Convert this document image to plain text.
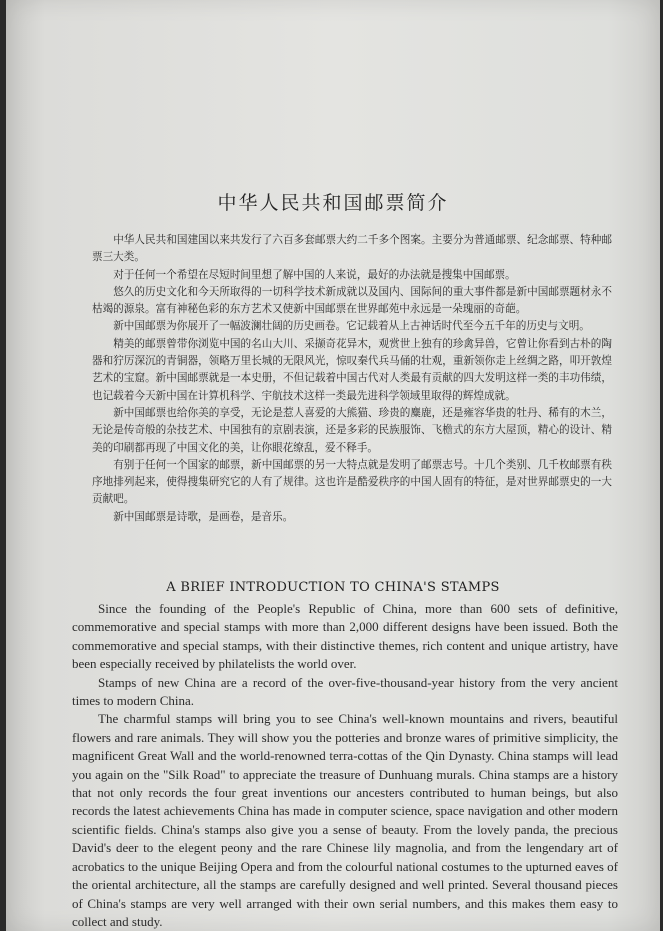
中华人民共和国邮票简介

中华人民共和国建国以来共发行了六百多套邮票大约二千多个图案。主要分为普通邮票、纪念邮票、特种邮票三大类。

对于任何一个希望在尽短时间里想了解中国的人来说，最好的办法就是搜集中国邮票。

悠久的历史文化和今天所取得的一切科学技术新成就以及国内、国际间的重大事件都是新中国邮票题材永不枯竭的源泉。富有神秘色彩的东方艺术又使新中国邮票在世界邮苑中永远是一朵瑰丽的奇葩。

新中国邮票为你展开了一幅波澜壮阔的历史画卷。它记载着从上古神话时代至今五千年的历史与文明。

精美的邮票曾带你浏览中国的名山大川、采撷奇花异木，观赏世上独有的珍禽异兽，它曾让你看到古朴的陶器和狞厉深沉的青铜器，领略万里长城的无限风光，惊叹秦代兵马俑的壮观，重新领你走上丝绸之路，叩开敦煌艺术的宝窟。新中国邮票就是一本史册，不但记载着中国古代对人类最有贡献的四大发明这样一类的丰功伟绩，也记载着今天新中国在计算机科学、宇航技术这样一类最先进科学领域里取得的辉煌成就。

新中国邮票也给你美的享受，无论是惹人喜爱的大熊猫、珍贵的麋鹿，还是雍容华贵的牡丹、稀有的木兰，无论是传奇般的杂技艺术、中国独有的京剧表演，还是多彩的民族服饰、飞檐式的东方大屋顶，精心的设计、精美的印刷都再现了中国文化的美，让你眼花缭乱，爱不释手。

有别于任何一个国家的邮票，新中国邮票的另一大特点就是发明了邮票志号。十几个类别、几千枚邮票有秩序地排列起来，使得搜集研究它的人有了规律。这也许是酷爱秩序的中国人固有的特征，是对世界邮票史的一大贡献吧。

新中国邮票是诗歌，是画卷，是音乐。

A BRIEF INTRODUCTION TO CHINA'S STAMPS

Since the founding of the People's Republic of China, more than 600 sets of definitive, commemorative and special stamps with more than 2,000 different designs have been issued. Both the commemorative and special stamps, with their distinctive themes, rich content and unique artistry, have been especially received by philatelists the world over.

Stamps of new China are a record of the over-five-thousand-year history from the very ancient times to modern China.

The charmful stamps will bring you to see China's well-known mountains and rivers, beautiful flowers and rare animals. They will show you the potteries and bronze wares of primitive simplicity, the magnificent Great Wall and the world-renowned terra-cottas of the Qin Dynasty. China stamps will lead you again on the "Silk Road" to appreciate the treasure of Dunhuang murals. China stamps are a history that not only records the four great inventions our ancesters contributed to human beings, but also records the latest achievements China has made in computer science, space navigation and other modern scientific fields. China's stamps also give you a sense of beauty. From the lovely panda, the precious David's deer to the elegent peony and the rare Chinese lily magnolia, and from the lengendary art of acrobatics to the unique Beijing Opera and from the colourful national costumes to the upturned eaves of the oriental architecture, all the stamps are carefully designed and well printed. Several thousand pieces of China's stamps are very well arranged with their own serial numbers, and this makes them easy to collect and study.
